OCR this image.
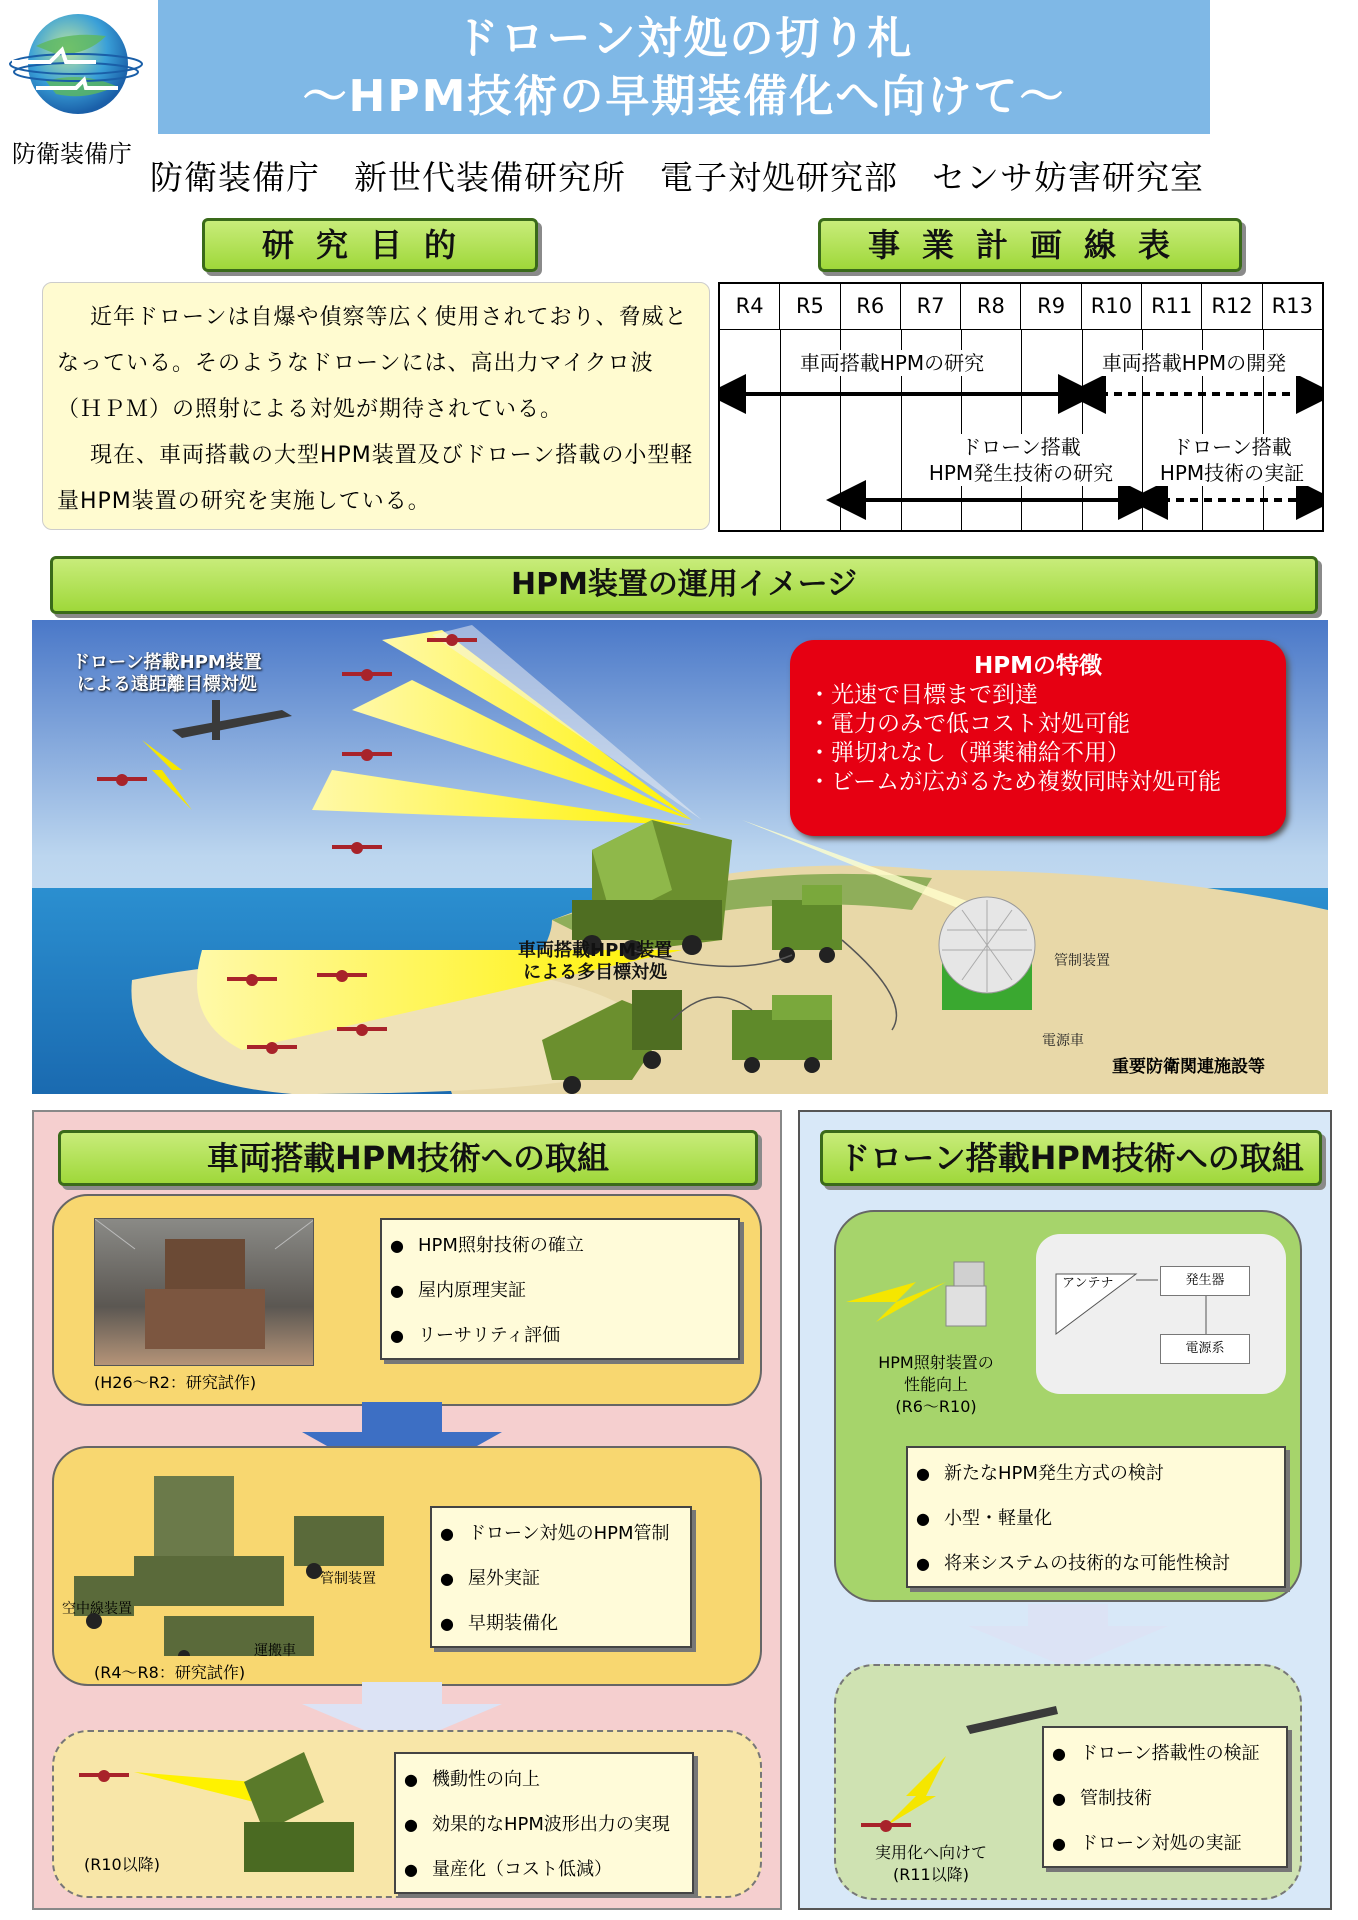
防衛装備庁
ドローン対処の切り札
～HPM技術の早期装備化へ向けて～
防衛装備庁　新世代装備研究所　電子対処研究部　センサ妨害研究室
研究目的	事業計画線表

近年ドローンは自爆や偵察等広く使用されており、脅威となっている。そのようなドローンには、高出力マイクロ波（ＨＰＭ）の照射による対処が期待されている。

現在、車両搭載の大型HPM装置及びドローン搭載の小型軽量HPM装置の研究を実施している。

R4	R5	R6	R7	R8	R9	R10 R11 R12 R13
車両搭載HPMの研究	車両搭載HPMの開発
ドローン搭載
HPM発生技術の研究
ドローン搭載
HPM技術の実証
HPM装置の運用イメージ
ドローン搭載HPM装置
による遠距離目標対処
車両搭載HPM装置
による多目標対処
管制装置
電源車
重要防衛関連施設等
HPMの特徴
・光速で目標まで到達
・電力のみで低コスト対処可能
・弾切れなし（弾薬補給不用）
・ビームが広がるため複数同時対処可能
(H26～R2：研究試作)
● HPM照射技術の確立
● 屋内原理実証
● リーサリティ評価
空中線装置
管制装置
運搬車
(R4～R8：研究試作)
● ドローン対処のHPM管制
● 屋外実証
● 早期装備化
(R10以降)
● 機動性の向上
● 効果的なHPM波形出力の実現
● 量産化（コスト低減）
アンテナ	発生器
電源系
HPM照射装置の
性能向上
(R6～R10)
● 新たなHPM発生方式の検討
● 小型・軽量化
● 将来システムの技術的な可能性検討
実用化へ向けて
(R11以降)
● ドローン搭載性の検証
● 管制技術
● ドローン対処の実証
車両搭載HPM技術への取組	ドローン搭載HPM技術への取組
